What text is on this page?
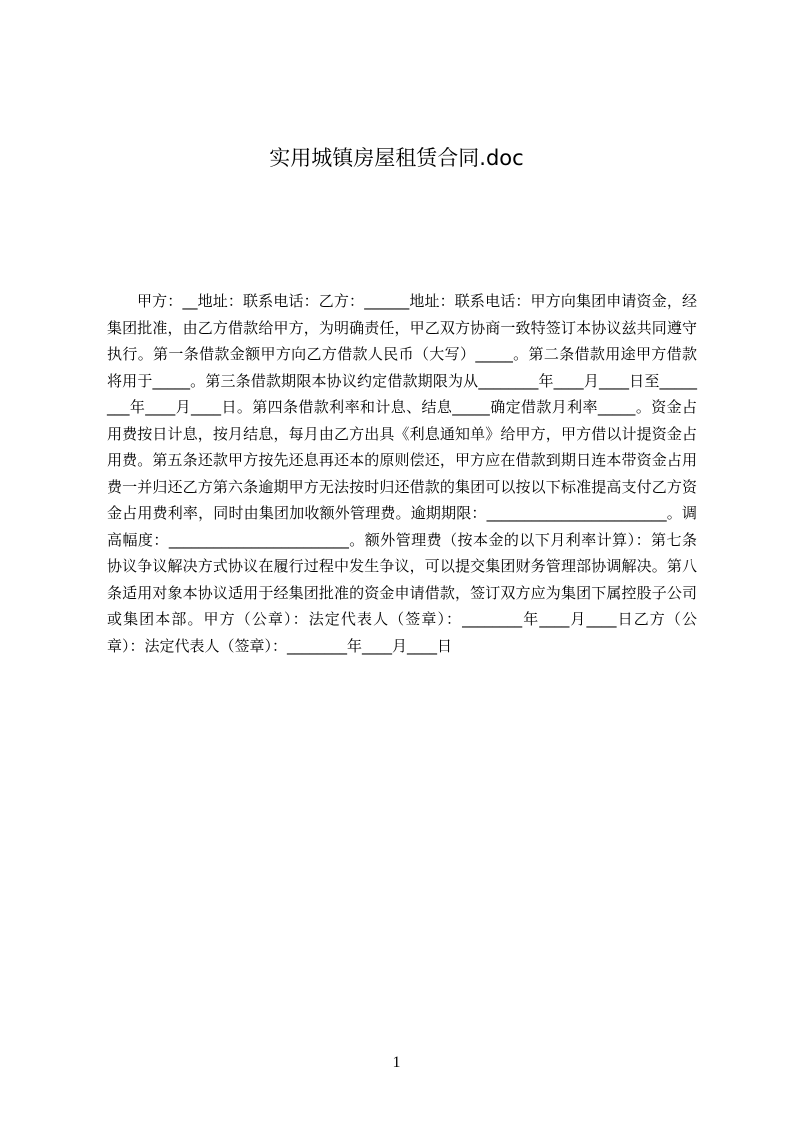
实用城镇房屋租赁合同.doc

甲方：__地址：联系电话：乙方：______地址：联系电话：甲方向集团申请资金，经集团批准，由乙方借款给甲方，为明确责任，甲乙双方协商一致特签订本协议兹共同遵守执行。第一条借款金额甲方向乙方借款人民币（大写）_____。第二条借款用途甲方借款将用于_____。第三条借款期限本协议约定借款期限为从________年____月____日至________年____月____日。第四条借款利率和计息、结息_____确定借款月利率_____。资金占用费按日计息，按月结息，每月由乙方出具《利息通知单》给甲方，甲方借以计提资金占用费。第五条还款甲方按先还息再还本的原则偿还，甲方应在借款到期日连本带资金占用费一并归还乙方第六条逾期甲方无法按时归还借款的集团可以按以下标准提高支付乙方资金占用费利率，同时由集团加收额外管理费。逾期期限：________________________。调高幅度：________________________。额外管理费（按本金的以下月利率计算）：第七条协议争议解决方式协议在履行过程中发生争议，可以提交集团财务管理部协调解决。第八条适用对象本协议适用于经集团批准的资金申请借款，签订双方应为集团下属控股子公司或集团本部。甲方（公章）：法定代表人（签章）：________年____月____日乙方（公章）：法定代表人（签章）：________年____月____日

1
